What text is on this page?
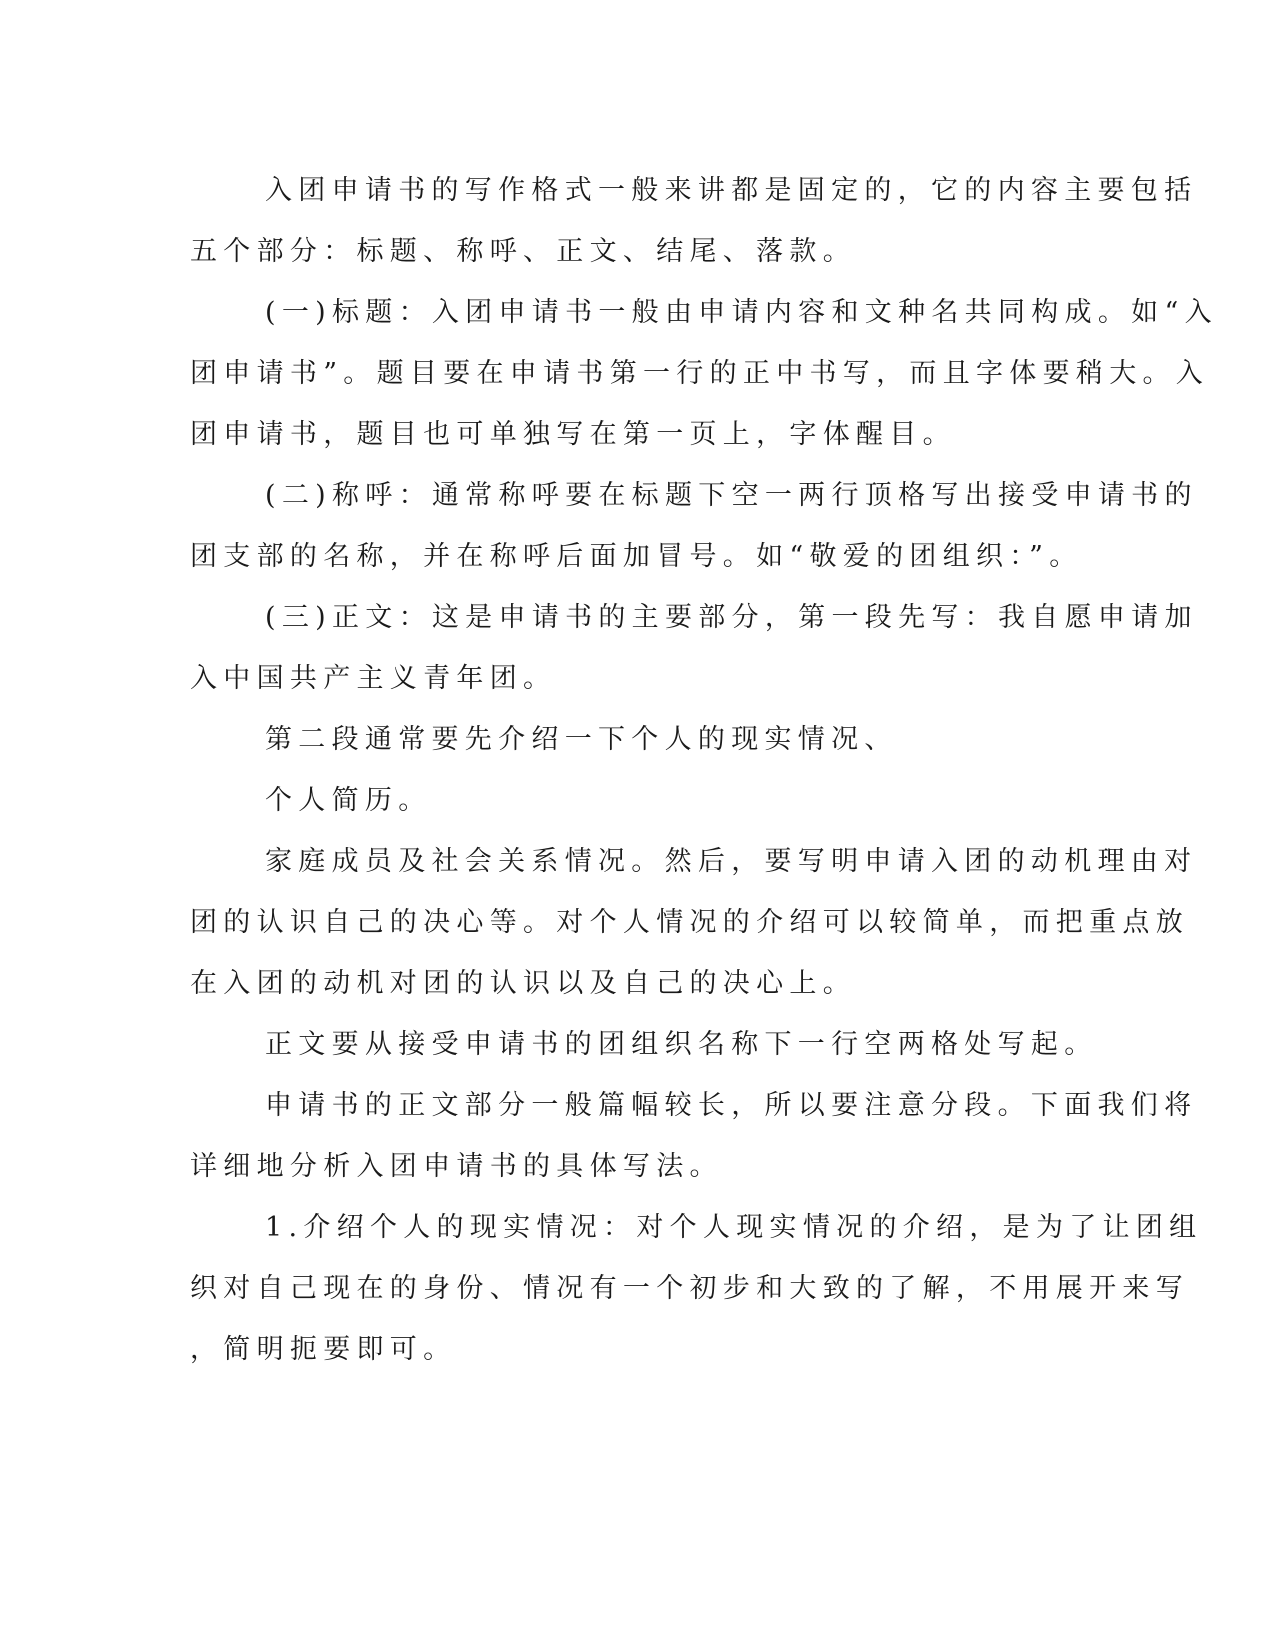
入团申请书的写作格式一般来讲都是固定的，它的内容主要包括
五个部分：标题、称呼、正文、结尾、落款。

(一)标题：入团申请书一般由申请内容和文种名共同构成。如“入
团申请书”。题目要在申请书第一行的正中书写，而且字体要稍大。入
团申请书，题目也可单独写在第一页上，字体醒目。

(二)称呼：通常称呼要在标题下空一两行顶格写出接受申请书的
团支部的名称，并在称呼后面加冒号。如“敬爱的团组织：”。

(三)正文：这是申请书的主要部分，第一段先写：我自愿申请加
入中国共产主义青年团。

第二段通常要先介绍一下个人的现实情况、

个人简历。

家庭成员及社会关系情况。然后，要写明申请入团的动机理由对
团的认识自己的决心等。对个人情况的介绍可以较简单，而把重点放
在入团的动机对团的认识以及自己的决心上。

正文要从接受申请书的团组织名称下一行空两格处写起。

申请书的正文部分一般篇幅较长，所以要注意分段。下面我们将
详细地分析入团申请书的具体写法。

1.介绍个人的现实情况：对个人现实情况的介绍，是为了让团组
织对自己现在的身份、情况有一个初步和大致的了解，不用展开来写
，简明扼要即可。
